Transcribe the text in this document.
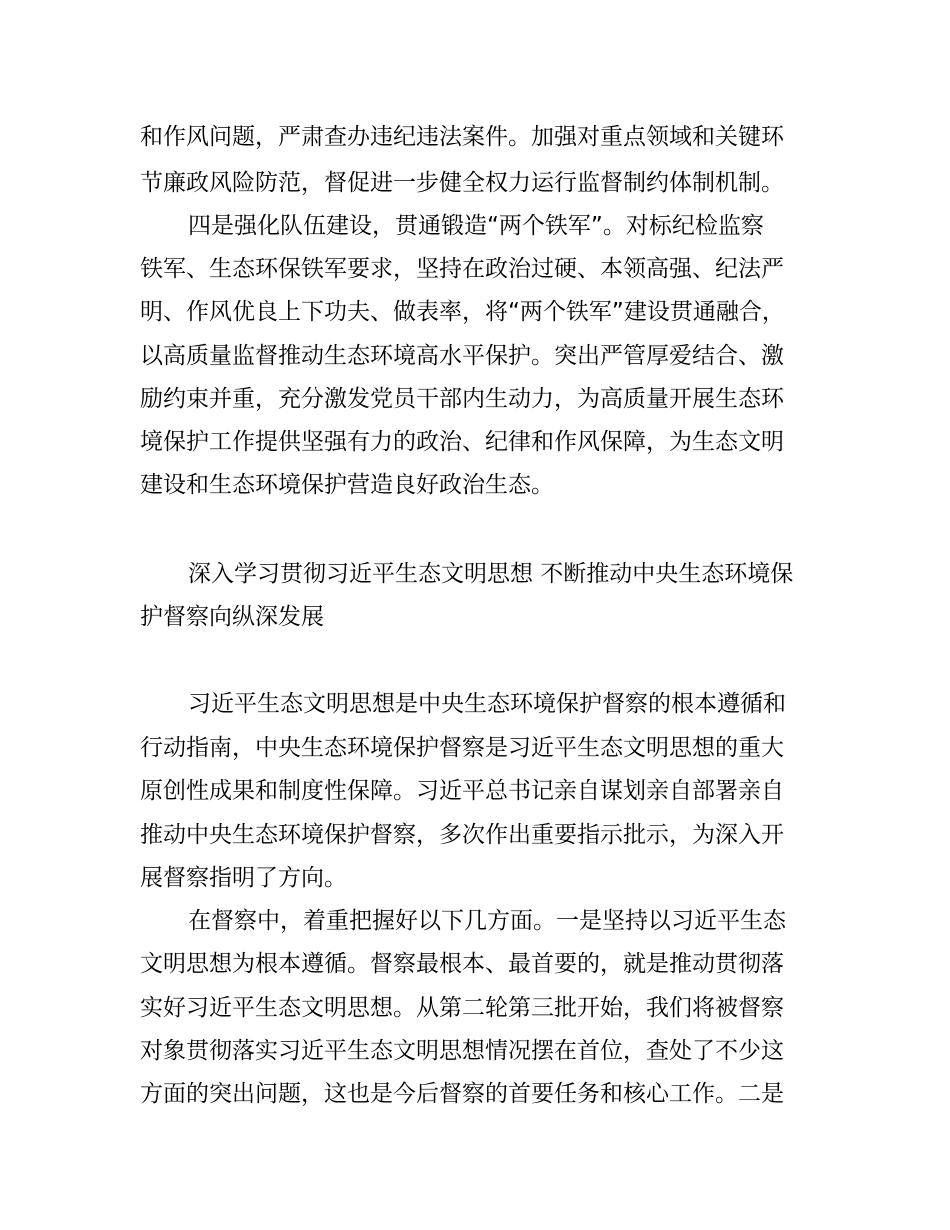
和作风问题，严肃查办违纪违法案件。加强对重点领域和关键环
节廉政风险防范，督促进一步健全权力运行监督制约体制机制。
四是强化队伍建设，贯通锻造“两个铁军”。对标纪检监察
铁军、生态环保铁军要求，坚持在政治过硬、本领高强、纪法严
明、作风优良上下功夫、做表率，将“两个铁军”建设贯通融合，
以高质量监督推动生态环境高水平保护。突出严管厚爱结合、激
励约束并重，充分激发党员干部内生动力，为高质量开展生态环
境保护工作提供坚强有力的政治、纪律和作风保障，为生态文明
建设和生态环境保护营造良好政治生态。
深入学习贯彻习近平生态文明思想 不断推动中央生态环境保
护督察向纵深发展
习近平生态文明思想是中央生态环境保护督察的根本遵循和
行动指南，中央生态环境保护督察是习近平生态文明思想的重大
原创性成果和制度性保障。习近平总书记亲自谋划亲自部署亲自
推动中央生态环境保护督察，多次作出重要指示批示，为深入开
展督察指明了方向。
在督察中，着重把握好以下几方面。一是坚持以习近平生态
文明思想为根本遵循。督察最根本、最首要的，就是推动贯彻落
实好习近平生态文明思想。从第二轮第三批开始，我们将被督察
对象贯彻落实习近平生态文明思想情况摆在首位，查处了不少这
方面的突出问题，这也是今后督察的首要任务和核心工作。二是
